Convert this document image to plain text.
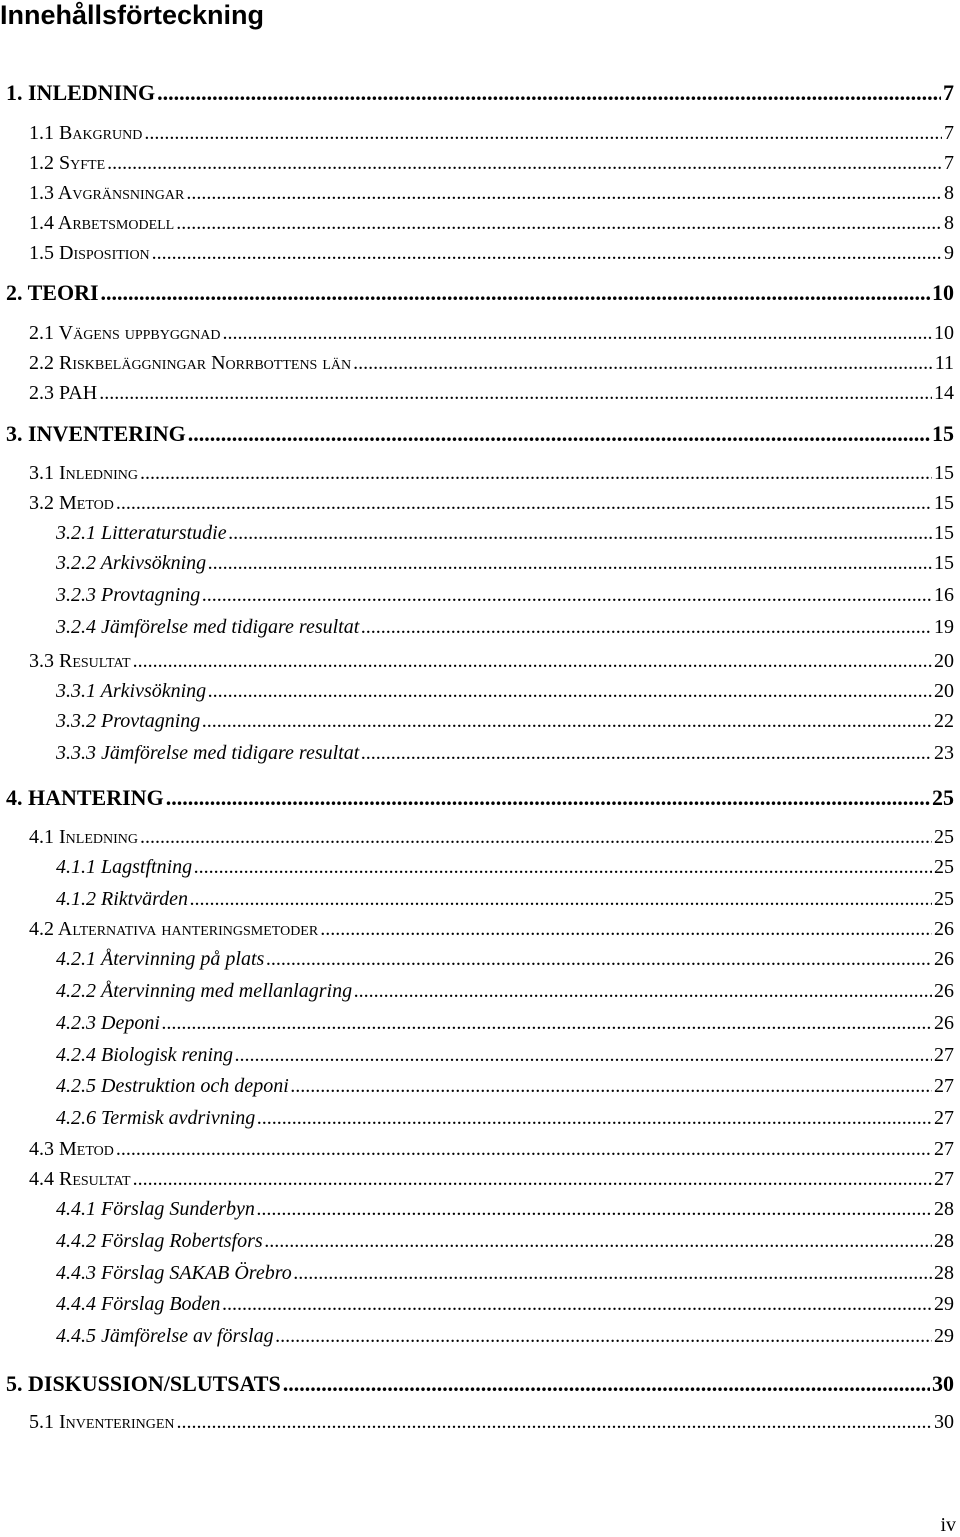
Innehållsförteckning
1. INLEDNING .....	7
1.1 Bakgrund .....	7
1.2 Syfte .....	7
1.3 Avgränsningar .....	8
1.4 Arbetsmodell .....	8
1.5 Disposition .....	9
2. TEORI .....	10
2.1 Vägens uppbyggnad .....	10
2.2 Riskbeläggningar Norrbottens län .....	11
2.3 PAH .....	14
3. INVENTERING .....	15
3.1 Inledning .....	15
3.2 Metod .....	15
3.2.1 Litteraturstudie .....	15
3.2.2 Arkivsökning .....	15
3.2.3 Provtagning .....	16
3.2.4 Jämförelse med tidigare resultat .....	19
3.3 Resultat .....	20
3.3.1 Arkivsökning .....	20
3.3.2 Provtagning .....	22
3.3.3 Jämförelse med tidigare resultat .....	23
4. HANTERING .....	25
4.1 Inledning .....	25
4.1.1 Lagstftning .....	25
4.1.2 Riktvärden .....	25
4.2 Alternativa hanteringsmetoder .....	26
4.2.1 Återvinning på plats .....	26
4.2.2 Återvinning med mellanlagring .....	26
4.2.3 Deponi .....	26
4.2.4 Biologisk rening .....	27
4.2.5 Destruktion och deponi .....	27
4.2.6 Termisk avdrivning .....	27
4.3 Metod .....	27
4.4 Resultat .....	27
4.4.1 Förslag Sunderbyn .....	28
4.4.2 Förslag Robertsfors .....	28
4.4.3 Förslag SAKAB Örebro .....	28
4.4.4 Förslag Boden .....	29
4.4.5 Jämförelse av förslag .....	29
5. DISKUSSION/SLUTSATS .....	30
5.1 Inventeringen .....	30
iv
